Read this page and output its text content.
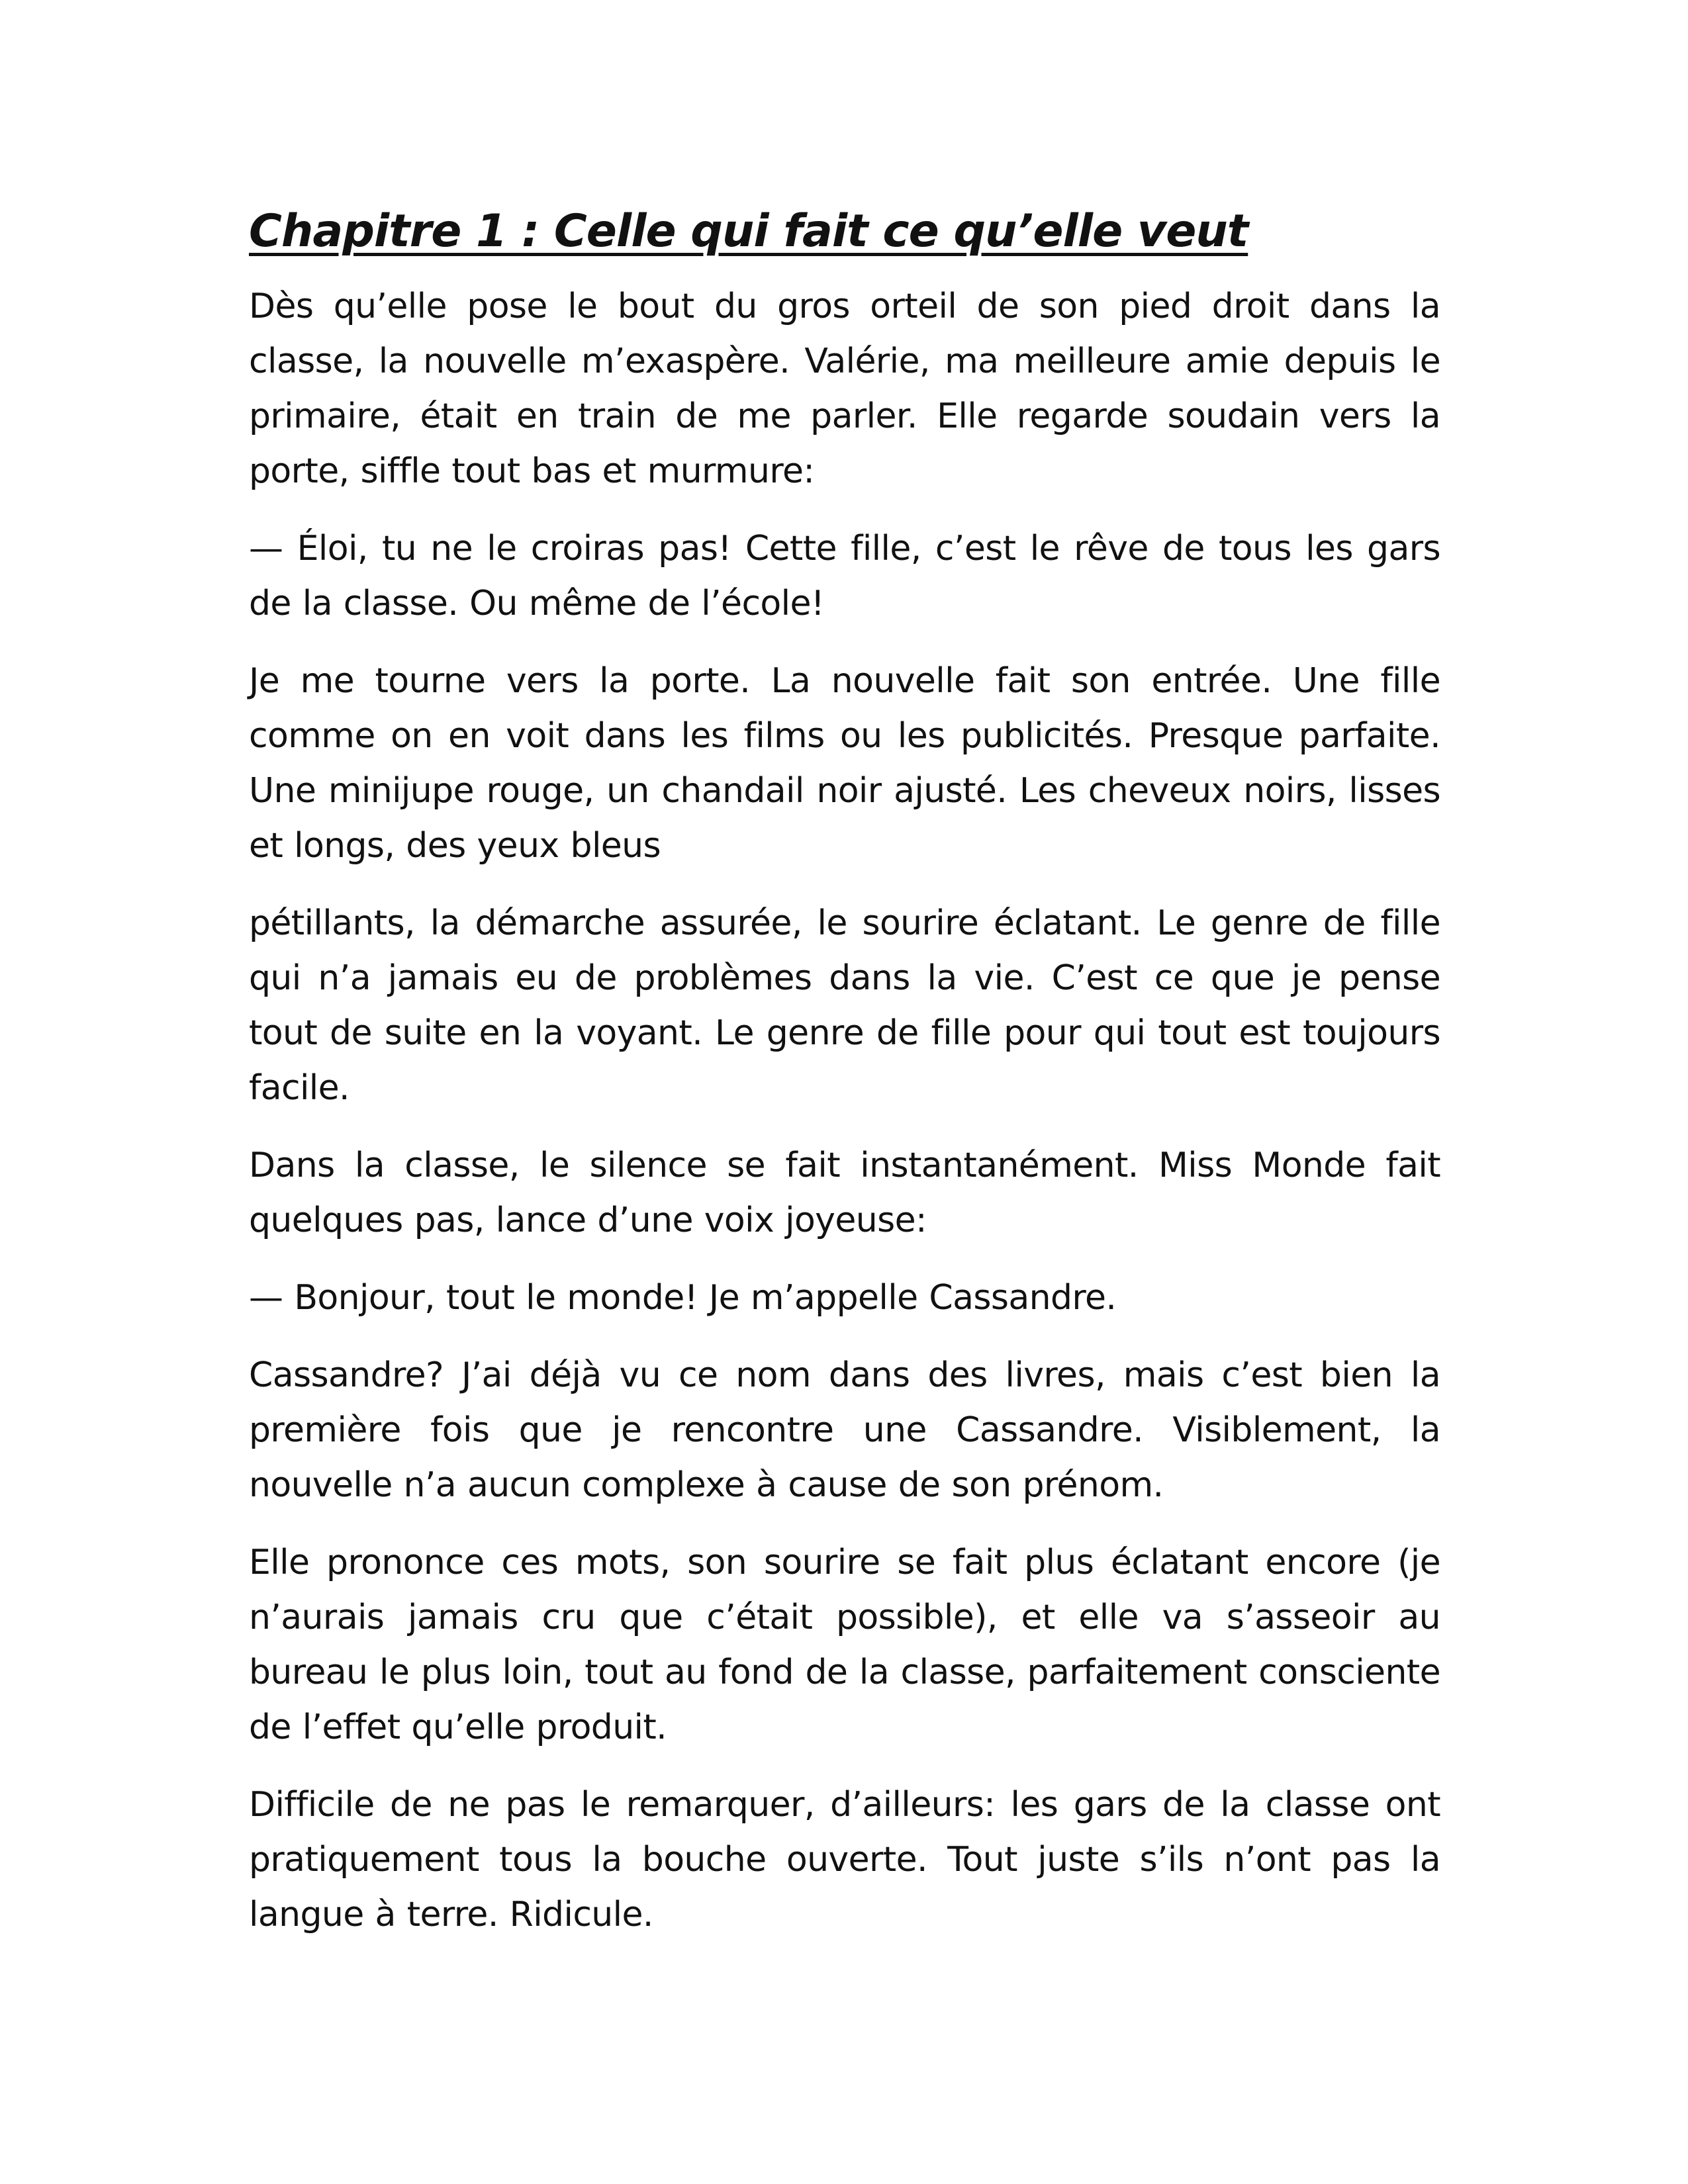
Chapitre 1 : Celle qui fait ce qu’elle veut

Dès qu’elle pose le bout du gros orteil de son pied droit dans la classe, la nouvelle m’exaspère. Valérie, ma meilleure amie depuis le primaire, était en train de me parler. Elle regarde soudain vers la porte, siffle tout bas et murmure:

— Éloi, tu ne le croiras pas! Cette fille, c’est le rêve de tous les gars de la classe. Ou même de l’école!

Je me tourne vers la porte. La nouvelle fait son entrée. Une fille comme on en voit dans les films ou les publicités. Presque parfaite. Une minijupe rouge, un chandail noir ajusté. Les cheveux noirs, lisses et longs, des yeux bleus

pétillants, la démarche assurée, le sourire éclatant. Le genre de fille qui n’a jamais eu de problèmes dans la vie. C’est ce que je pense tout de suite en la voyant. Le genre de fille pour qui tout est toujours facile.

Dans la classe, le silence se fait instantanément. Miss Monde fait quelques pas, lance d’une voix joyeuse:

— Bonjour, tout le monde! Je m’appelle Cassandre.

Cassandre? J’ai déjà vu ce nom dans des livres, mais c’est bien la première fois que je rencontre une Cassandre. Visiblement, la nouvelle n’a aucun complexe à cause de son prénom.

Elle prononce ces mots, son sourire se fait plus éclatant encore (je n’aurais jamais cru que c’était possible), et elle va s’asseoir au bureau le plus loin, tout au fond de la classe, parfaitement consciente de l’effet qu’elle produit.

Difficile de ne pas le remarquer, d’ailleurs: les gars de la classe ont pratiquement tous la bouche ouverte. Tout juste s’ils n’ont pas la langue à terre. Ridicule.
